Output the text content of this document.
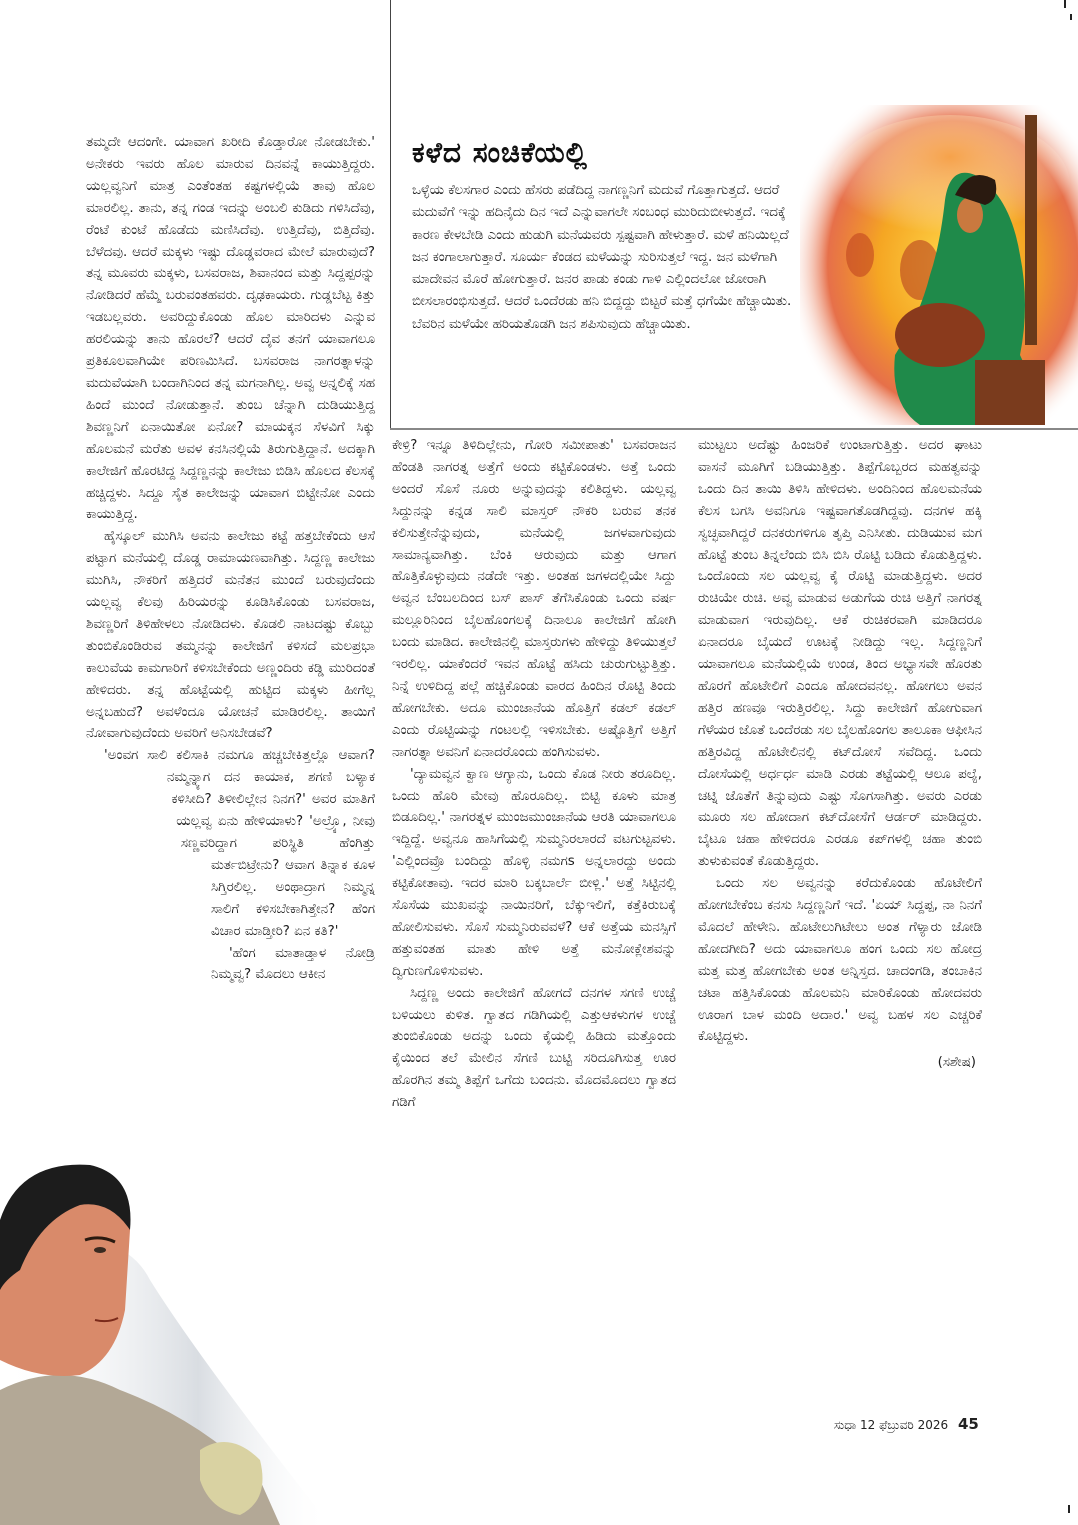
ಕಳೆದ ಸಂಚಿಕೆಯಲ್ಲಿ

ಒಳ್ಳೆಯ ಕೆಲಸಗಾರ ಎಂದು ಹೆಸರು ಪಡೆದಿದ್ದ ನಾಗಣ್ಣನಿಗೆ ಮದುವೆ ಗೊತ್ತಾಗುತ್ತದೆ. ಆದರೆ ಮದುವೆಗೆ ಇನ್ನು ಹದಿನೈದು ದಿನ ಇದೆ ಎನ್ನುವಾಗಲೇ ಸಂಬಂಧ ಮುರಿದುಬೀಳುತ್ತದೆ. ಇದಕ್ಕೆ ಕಾರಣ ಕೇಳಬೇಡಿ ಎಂದು ಹುಡುಗಿ ಮನೆಯವರು ಸ್ಪಷ್ಟವಾಗಿ ಹೇಳುತ್ತಾರೆ. ಮಳೆ ಹನಿಯಿಲ್ಲದೆ ಜನ ಕಂಗಾಲಾಗುತ್ತಾರೆ. ಸೂರ್ಯ ಕೆಂಡದ ಮಳೆಯನ್ನು ಸುರಿಸುತ್ತಲೆ ಇದ್ದ. ಜನ ಮಳೆಗಾಗಿ ಮಾದೇವನ ಮೊರೆ ಹೋಗುತ್ತಾರೆ. ಜನರ ಪಾಡು ಕಂಡು ಗಾಳಿ ಎಲ್ಲಿಂದಲೋ ಜೋರಾಗಿ ಬೀಸಲಾರಂಭಿಸುತ್ತದೆ. ಆದರೆ ಒಂದೆರಡು ಹನಿ ಬಿದ್ದದ್ದು ಬಿಟ್ಟರೆ ಮತ್ತೆ ಧಗೆಯೇ ಹೆಚ್ಚಾಯಿತು. ಬೆವರಿನ ಮಳೆಯೇ ಹರಿಯತೊಡಗಿ ಜನ ಶಪಿಸುವುದು ಹೆಚ್ಚಾಯಿತು.

ತಮ್ಮದೇ ಆದಂಗೇ. ಯಾವಾಗ ಖರೀದಿ ಕೊಡ್ತಾರೋ ನೋಡಬೇಕು.' ಅನೇಕರು ಇವರು ಹೊಲ ಮಾರುವ ದಿನವನ್ನೆ ಕಾಯುತ್ತಿದ್ದರು. ಯಲ್ಲವ್ವನಿಗೆ ಮಾತ್ರ ಎಂತೆಂತಹ ಕಷ್ಟಗಳಲ್ಲಿಯೆ ತಾವು ಹೊಲ ಮಾರಲಿಲ್ಲ. ತಾನು, ತನ್ನ ಗಂಡ ಇದನ್ನು ಅಂಬಲಿ ಕುಡಿದು ಗಳಿಸಿದೆವು, ರೆಂಟೆ ಕುಂಟೆ ಹೊಡೆದು ಮಣಿಸಿದೆವು. ಉತ್ತಿದೆವು, ಬಿತ್ತಿದೆವು. ಬೆಳೆದವು. ಆದರೆ ಮಕ್ಕಳು ಇಷ್ಟು ದೊಡ್ಡವರಾದ ಮೇಲೆ ಮಾರುವುದೆ? ತನ್ನ ಮೂವರು ಮಕ್ಕಳು, ಬಸವರಾಜ, ಶಿವಾನಂದ ಮತ್ತು ಸಿದ್ದಪ್ಪರನ್ನು ನೋಡಿದರೆ ಹೆಮ್ಮೆ ಬರುವಂತಹವರು. ದೃಢಕಾಯರು. ಗುಡ್ಡಬೆಟ್ಟ ಕಿತ್ತು ಇಡಬಲ್ಲವರು. ಅವರಿದ್ದುಕೊಂಡು ಹೊಲ ಮಾರಿದಳು ಎನ್ನುವ ಹರಲಿಯನ್ನು ತಾನು ಹೊರಲೆ? ಆದರೆ ದೈವ ತನಗೆ ಯಾವಾಗಲೂ ಪ್ರತಿಕೂಲವಾಗಿಯೇ ಪರಿಣಮಿಸಿದೆ. ಬಸವರಾಜ ನಾಗರತ್ನಾಳನ್ನು ಮದುವೆಯಾಗಿ ಬಂದಾಗಿನಿಂದ ತನ್ನ ಮಗನಾಗಿಲ್ಲ. ಅವ್ವ ಅನ್ನಲಿಕ್ಕೆ ಸಹ ಹಿಂದೆ ಮುಂದೆ ನೋಡುತ್ತಾನೆ. ತುಂಬ ಚೆನ್ನಾಗಿ ದುಡಿಯುತ್ತಿದ್ದ ಶಿವಣ್ಣನಿಗೆ ಏನಾಯಿತೋ ಏನೋ? ಮಾಯಕ್ಕನ ಸೆಳವಿಗೆ ಸಿಕ್ಕು ಹೊಲಮನೆ ಮರೆತು ಅವಳ ಕನಸಿನಲ್ಲಿಯೆ ತಿರುಗುತ್ತಿದ್ದಾನೆ. ಅದಕ್ಕಾಗಿ ಕಾಲೇಜಿಗೆ ಹೊರಟಿದ್ದ ಸಿದ್ದಣ್ಣನನ್ನು ಕಾಲೇಜು ಬಿಡಿಸಿ ಹೊಲದ ಕೆಲಸಕ್ಕೆ ಹಚ್ಚಿದ್ದಳು. ಸಿದ್ದೂ ಸೈತ ಕಾಲೇಜನ್ನು ಯಾವಾಗ ಬಿಟ್ಟೇನೋ ಎಂದು ಕಾಯುತ್ತಿದ್ದ.

ಹೈಸ್ಕೂಲ್ ಮುಗಿಸಿ ಅವನು ಕಾಲೇಜು ಕಟ್ಟೆ ಹತ್ತಬೇಕೆಂದು ಆಸೆ ಪಟ್ಟಾಗ ಮನೆಯಲ್ಲಿ ದೊಡ್ಡ ರಾಮಾಯಣವಾಗಿತ್ತು. ಸಿದ್ದಣ್ಣ ಕಾಲೇಜು ಮುಗಿಸಿ, ನೌಕರಿಗೆ ಹತ್ತಿದರೆ ಮನೆತನ ಮುಂದೆ ಬರುವುದೆಂದು ಯಲ್ಲವ್ವ ಕೆಲವು ಹಿರಿಯರನ್ನು ಕೂಡಿಸಿಕೊಂಡು ಬಸವರಾಜ, ಶಿವಣ್ಣರಿಗೆ ತಿಳಿಹೇಳಲು ನೋಡಿದಳು. ಕೊಡಲಿ ನಾಟದಷ್ಟು ಕೊಬ್ಬು ತುಂಬಿಕೊಂಡಿರುವ ತಮ್ಮನನ್ನು ಕಾಲೇಜಿಗೆ ಕಳಿಸದೆ ಮಲಪ್ರಭಾ ಕಾಲುವೆಯ ಕಾಮಗಾರಿಗೆ ಕಳಿಸಬೇಕೆಂದು ಅಣ್ಣಂದಿರು ಕಡ್ಡಿ ಮುರಿದಂತೆ ಹೇಳಿದರು. ತನ್ನ ಹೊಟ್ಟೆಯಲ್ಲಿ ಹುಟ್ಟಿದ ಮಕ್ಕಳು ಹೀಗೆಲ್ಲ ಅನ್ನಬಹುದೆ? ಅವಳೆಂದೂ ಯೋಚನೆ ಮಾಡಿರಲಿಲ್ಲ. ತಾಯಿಗೆ ನೋವಾಗುವುದೆಂದು ಅವರಿಗೆ ಅನಿಸಬೇಡವೆ?

'ಅಂವಗ ಸಾಲಿ ಕಲಿಸಾಕಿ ನಮಗೂ ಹಚ್ಚಬೇಕಿತ್ತಲ್ಲೊ ಆವಾಗ? ನಮ್ಮನ್ನ್ಯಾಗ ದನ ಕಾಯಾಕ, ಶಗಣಿ ಬಳ್ಯಾಕ ಕಳಿಸೀದಿ? ತಿಳೀಲಿಲ್ಲೇನ ನಿನಗ?' ಅವರ ಮಾತಿಗೆ ಯಲ್ಲವ್ವ ಏನು ಹೇಳಿಯಾಳು? 'ಅಲ್ರ್ಯೊ, ನೀವು ಸಣ್ಣವರಿದ್ದಾಗ ಪರಿಸ್ಥಿತಿ ಹೆಂಗಿತ್ತು ಮರ್ತಬಿಟ್ರೇನು? ಆವಾಗ ತಿನ್ನಾಕ ಕೂಳ ಸಿಗ್ತಿರಲಿಲ್ಲ. ಅಂಥಾದ್ರಾಗ ನಿಮ್ಮನ್ನ ಸಾಲಿಗೆ ಕಳಿಸಬೇಕಾಗಿತ್ತೇನ? ಹೆಂಗ ವಿಚಾರ ಮಾಡ್ತೀರಿ? ಏನ ಕತಿ?'

'ಹೆಂಗ ಮಾತಾಡ್ತಾಳ ನೋಡ್ರಿ ನಿಮ್ಮವ್ವ? ಮೊದಲು ಆಕೀನ

ಕೇಳ್ರಿ? ಇನ್ನೂ ತಿಳಿದಿಲ್ಲೇನು, ಗೋರಿ ಸಮೀಪಾತು' ಬಸವರಾಜನ ಹೆಂಡತಿ ನಾಗರತ್ನ ಅತ್ತೆಗೆ ಅಂದು ಕಟ್ಟಿಕೊಂಡಳು. ಅತ್ತೆ ಒಂದು ಅಂದರೆ ಸೊಸೆ ನೂರು ಅನ್ನುವುದನ್ನು ಕಲಿತಿದ್ದಳು. ಯಲ್ಲವ್ವ ಸಿದ್ದುನನ್ನು ಕನ್ನಡ ಸಾಲಿ ಮಾಸ್ತರ್ ನೌಕರಿ ಬರುವ ತನಕ ಕಲಿಸುತ್ತೇನೆನ್ನುವುದು, ಮನೆಯಲ್ಲಿ ಜಗಳವಾಗುವುದು ಸಾಮಾನ್ಯವಾಗಿತ್ತು. ಬೆಂಕಿ ಆರುವುದು ಮತ್ತು ಆಗಾಗ ಹೊತ್ತಿಕೊಳ್ಳುವುದು ನಡೆದೇ ಇತ್ತು. ಅಂತಹ ಜಗಳದಲ್ಲಿಯೇ ಸಿದ್ದು ಅವ್ವನ ಬೆಂಬಲದಿಂದ ಬಸ್ ಪಾಸ್ ತೆಗೆಸಿಕೊಂಡು ಒಂದು ವರ್ಷ ಮಲ್ಲೂರಿನಿಂದ ಬೈಲಹೊಂಗಲಕ್ಕೆ ದಿನಾಲೂ ಕಾಲೇಜಿಗೆ ಹೋಗಿ ಬಂದು ಮಾಡಿದ. ಕಾಲೇಜಿನಲ್ಲಿ ಮಾಸ್ತರುಗಳು ಹೇಳಿದ್ದು ತಿಳಿಯುತ್ತಲೆ ಇರಲಿಲ್ಲ. ಯಾಕೆಂದರೆ ಇವನ ಹೊಟ್ಟೆ ಹಸಿದು ಚುರುಗುಟ್ಟುತ್ತಿತ್ತು. ನಿನ್ನೆ ಉಳಿದಿದ್ದ ಪಲ್ಲೆ ಹಚ್ಚಿಕೊಂಡು ವಾರದ ಹಿಂದಿನ ರೊಟ್ಟಿ ತಿಂದು ಹೋಗಬೇಕು. ಅದೂ ಮುಂಜಾನೆಯ ಹೊತ್ತಿಗೆ ಕಡಲ್ ಕಡಲ್ ಎಂದು ರೊಟ್ಟಿಯನ್ನು ಗಂಟಲಲ್ಲಿ ಇಳಿಸಬೇಕು. ಅಷ್ಟೊತ್ತಿಗೆ ಅತ್ತಿಗೆ ನಾಗರತ್ನಾ ಅವನಿಗೆ ಏನಾದರೊಂದು ಹಂಗಿಸುವಳು.

'ದ್ಯಾಮವ್ವನ ಕ್ವಾಣ ಆಗ್ಯಾನು, ಒಂದು ಕೊಡ ನೀರು ತರೂದಿಲ್ಲ. ಒಂದು ಹೊರಿ ಮೇವು ಹೊರೂದಿಲ್ಲ. ಬಿಟ್ಟಿ ಕೂಳು ಮಾತ್ರ ಬಿಡೂದಿಲ್ಲ.' ನಾಗರತ್ನಳ ಮುಂಜಮುಂಜಾನೆಯ ಆರತಿ ಯಾವಾಗಲೂ ಇದ್ದಿದ್ದೆ. ಅವ್ವನೂ ಹಾಸಿಗೆಯಲ್ಲಿ ಸುಮ್ಮನಿರಲಾರದೆ ವಟಗುಟ್ಟವಳು. 'ಎಲ್ಲಿಂದವ್ರೊ ಬಂದಿದ್ದು ಹೊಳ್ಳಿ ನಮಗs ಅನ್ನಲಾರದ್ದು ಅಂದು ಕಟ್ಟಿಕೋತಾವು. ಇದರ ಮಾರಿ ಬಕ್ಕಬಾರ್ಲೆ ಬೀಳ್ಲಿ.' ಅತ್ತೆ ಸಿಟ್ಟಿನಲ್ಲಿ ಸೊಸೆಯ ಮುಖವನ್ನು ನಾಯಿನರಿಗೆ, ಬೆಕ್ಕುಇಲಿಗೆ, ಕತ್ತೆಕಿರುಬಕ್ಕೆ ಹೋಲಿಸುವಳು. ಸೊಸೆ ಸುಮ್ಮನಿರುವವಳೆ? ಆಕೆ ಅತ್ತೆಯ ಮನಸ್ಸಿಗೆ ಹತ್ತುವಂತಹ ಮಾತು ಹೇಳಿ ಅತ್ತೆ ಮನೋಕ್ಲೇಶವನ್ನು ದ್ವಿಗುಣಗೊಳಿಸುವಳು.

ಸಿದ್ದಣ್ಣ ಅಂದು ಕಾಲೇಜಿಗೆ ಹೋಗದೆ ದನಗಳ ಸಗಣಿ ಉಚ್ಚೆ ಬಳಿಯಲು ಕುಳಿತ. ಗ್ವಾತದ ಗಡಿಗಿಯಲ್ಲಿ ಎತ್ತುಆಕಳುಗಳ ಉಚ್ಚೆ ತುಂಬಿಕೊಂಡು ಅದನ್ನು ಒಂದು ಕೈಯಲ್ಲಿ ಹಿಡಿದು ಮತ್ತೊಂದು ಕೈಯಿಂದ ತಲೆ ಮೇಲಿನ ಸೆಗಣಿ ಬುಟ್ಟಿ ಸರಿದೂಗಿಸುತ್ತ ಊರ ಹೊರಗಿನ ತಮ್ಮ ತಿಪ್ಪೆಗೆ ಒಗೆದು ಬಂದನು. ಮೊದಮೊದಲು ಗ್ವಾತದ ಗಡಿಗೆ

ಮುಟ್ಟಲು ಅದೆಷ್ಟು ಹಿಂಜರಿಕೆ ಉಂಟಾಗುತ್ತಿತ್ತು. ಅದರ ಘಾಟು ವಾಸನೆ ಮೂಗಿಗೆ ಬಡಿಯುತ್ತಿತ್ತು. ತಿಪ್ಪೆಗೊಬ್ಬರದ ಮಹತ್ವವನ್ನು ಒಂದು ದಿನ ತಾಯಿ ತಿಳಿಸಿ ಹೇಳಿದಳು. ಅಂದಿನಿಂದ ಹೊಲಮನೆಯ ಕೆಲಸ ಬಗಸಿ ಅವನಿಗೂ ಇಷ್ಟವಾಗತೊಡಗಿದ್ದವು. ದನಗಳ ಹಕ್ಕಿ ಸ್ವಚ್ಛವಾಗಿದ್ದರೆ ದನಕರುಗಳಿಗೂ ತೃಪ್ತಿ ಎನಿಸೀತು. ದುಡಿಯುವ ಮಗ ಹೊಟ್ಟೆ ತುಂಬ ತಿನ್ನಲೆಂದು ಬಿಸಿ ಬಿಸಿ ರೊಟ್ಟಿ ಬಡಿದು ಕೊಡುತ್ತಿದ್ದಳು. ಒಂದೊಂದು ಸಲ ಯಲ್ಲವ್ವ ಕೈ ರೊಟ್ಟಿ ಮಾಡುತ್ತಿದ್ದಳು. ಅದರ ರುಚಿಯೇ ರುಚಿ. ಅವ್ವ ಮಾಡುವ ಅಡುಗೆಯ ರುಚಿ ಅತ್ತಿಗೆ ನಾಗರತ್ನ ಮಾಡುವಾಗ ಇರುವುದಿಲ್ಲ. ಆಕೆ ರುಚಿಕರವಾಗಿ ಮಾಡಿದರೂ ಏನಾದರೂ ಬೈಯದೆ ಊಟಕ್ಕೆ ನೀಡಿದ್ದು ಇಲ್ಲ. ಸಿದ್ದಣ್ಣನಿಗೆ ಯಾವಾಗಲೂ ಮನೆಯಲ್ಲಿಯೆ ಉಂಡ, ತಿಂದ ಅಭ್ಯಾಸವೇ ಹೊರತು ಹೊರಗೆ ಹೊಟೇಲಿಗೆ ಎಂದೂ ಹೋದವನಲ್ಲ. ಹೋಗಲು ಅವನ ಹತ್ತಿರ ಹಣವೂ ಇರುತ್ತಿರಲಿಲ್ಲ. ಸಿದ್ದು ಕಾಲೇಜಿಗೆ ಹೋಗುವಾಗ ಗೆಳೆಯರ ಜೊತೆ ಒಂದೆರಡು ಸಲ ಬೈಲಹೊಂಗಲ ತಾಲೂಕಾ ಆಫೀಸಿನ ಹತ್ತಿರವಿದ್ದ ಹೊಟೇಲಿನಲ್ಲಿ ಕಟ್‌ದೋಸೆ ಸವೆದಿದ್ದ. ಒಂದು ದೋಸೆಯಲ್ಲಿ ಅರ್ಧರ್ಧ ಮಾಡಿ ಎರಡು ತಟ್ಟೆಯಲ್ಲಿ ಆಲೂ ಪಲ್ಯೆ, ಚಟ್ನಿ ಜೊತೆಗೆ ತಿನ್ನುವುದು ಎಷ್ಟು ಸೊಗಸಾಗಿತ್ತು. ಅವರು ಎರಡು ಮೂರು ಸಲ ಹೋದಾಗ ಕಟ್‌ದೋಸೆಗೆ ಆರ್ಡರ್ ಮಾಡಿದ್ದರು. ಬೈಟೂ ಚಹಾ ಹೇಳಿದರೂ ಎರಡೂ ಕಪ್‌ಗಳಲ್ಲಿ ಚಹಾ ತುಂಬಿ ತುಳುಕುವಂತೆ ಕೊಡುತ್ತಿದ್ದರು.

ಒಂದು ಸಲ ಅವ್ವನನ್ನು ಕರೆದುಕೊಂಡು ಹೊಟೇಲಿಗೆ ಹೋಗಬೇಕೆಂಬ ಕನಸು ಸಿದ್ದಣ್ಣನಿಗೆ ಇದೆ. 'ಏಯ್ ಸಿದ್ದಪ್ಪ, ನಾ ನಿನಗೆ ಮೊದಲೆ ಹೇಳೇನಿ. ಹೊಟೇಲುಗಿಟೇಲು ಅಂತ ಗೆಳ್ಯಾರು ಜೋಡಿ ಹೋದಗೀದಿ? ಅದು ಯಾವಾಗಲೂ ಹಂಗ ಒಂದು ಸಲ ಹೋದ್ರ ಮತ್ತ ಮತ್ತ ಹೋಗಬೇಕು ಅಂತ ಅನ್ನಿಸ್ತದ. ಚಾದಂಗಡಿ, ತಂಬಾಕಿನ ಚಟಾ ಹತ್ತಿಸಿಕೊಂಡು ಹೊಲಮನಿ ಮಾರಿಕೊಂಡು ಹೋದವರು ಊರಾಗ ಬಾಳ ಮಂದಿ ಅದಾರ.' ಅವ್ವ ಬಹಳ ಸಲ ಎಚ್ಚರಿಕೆ ಕೊಟ್ಟಿದ್ದಳು.

(ಸಶೇಷ)
ಸುಧಾ 12 ಫೆಬ್ರುವರಿ 2026 45
